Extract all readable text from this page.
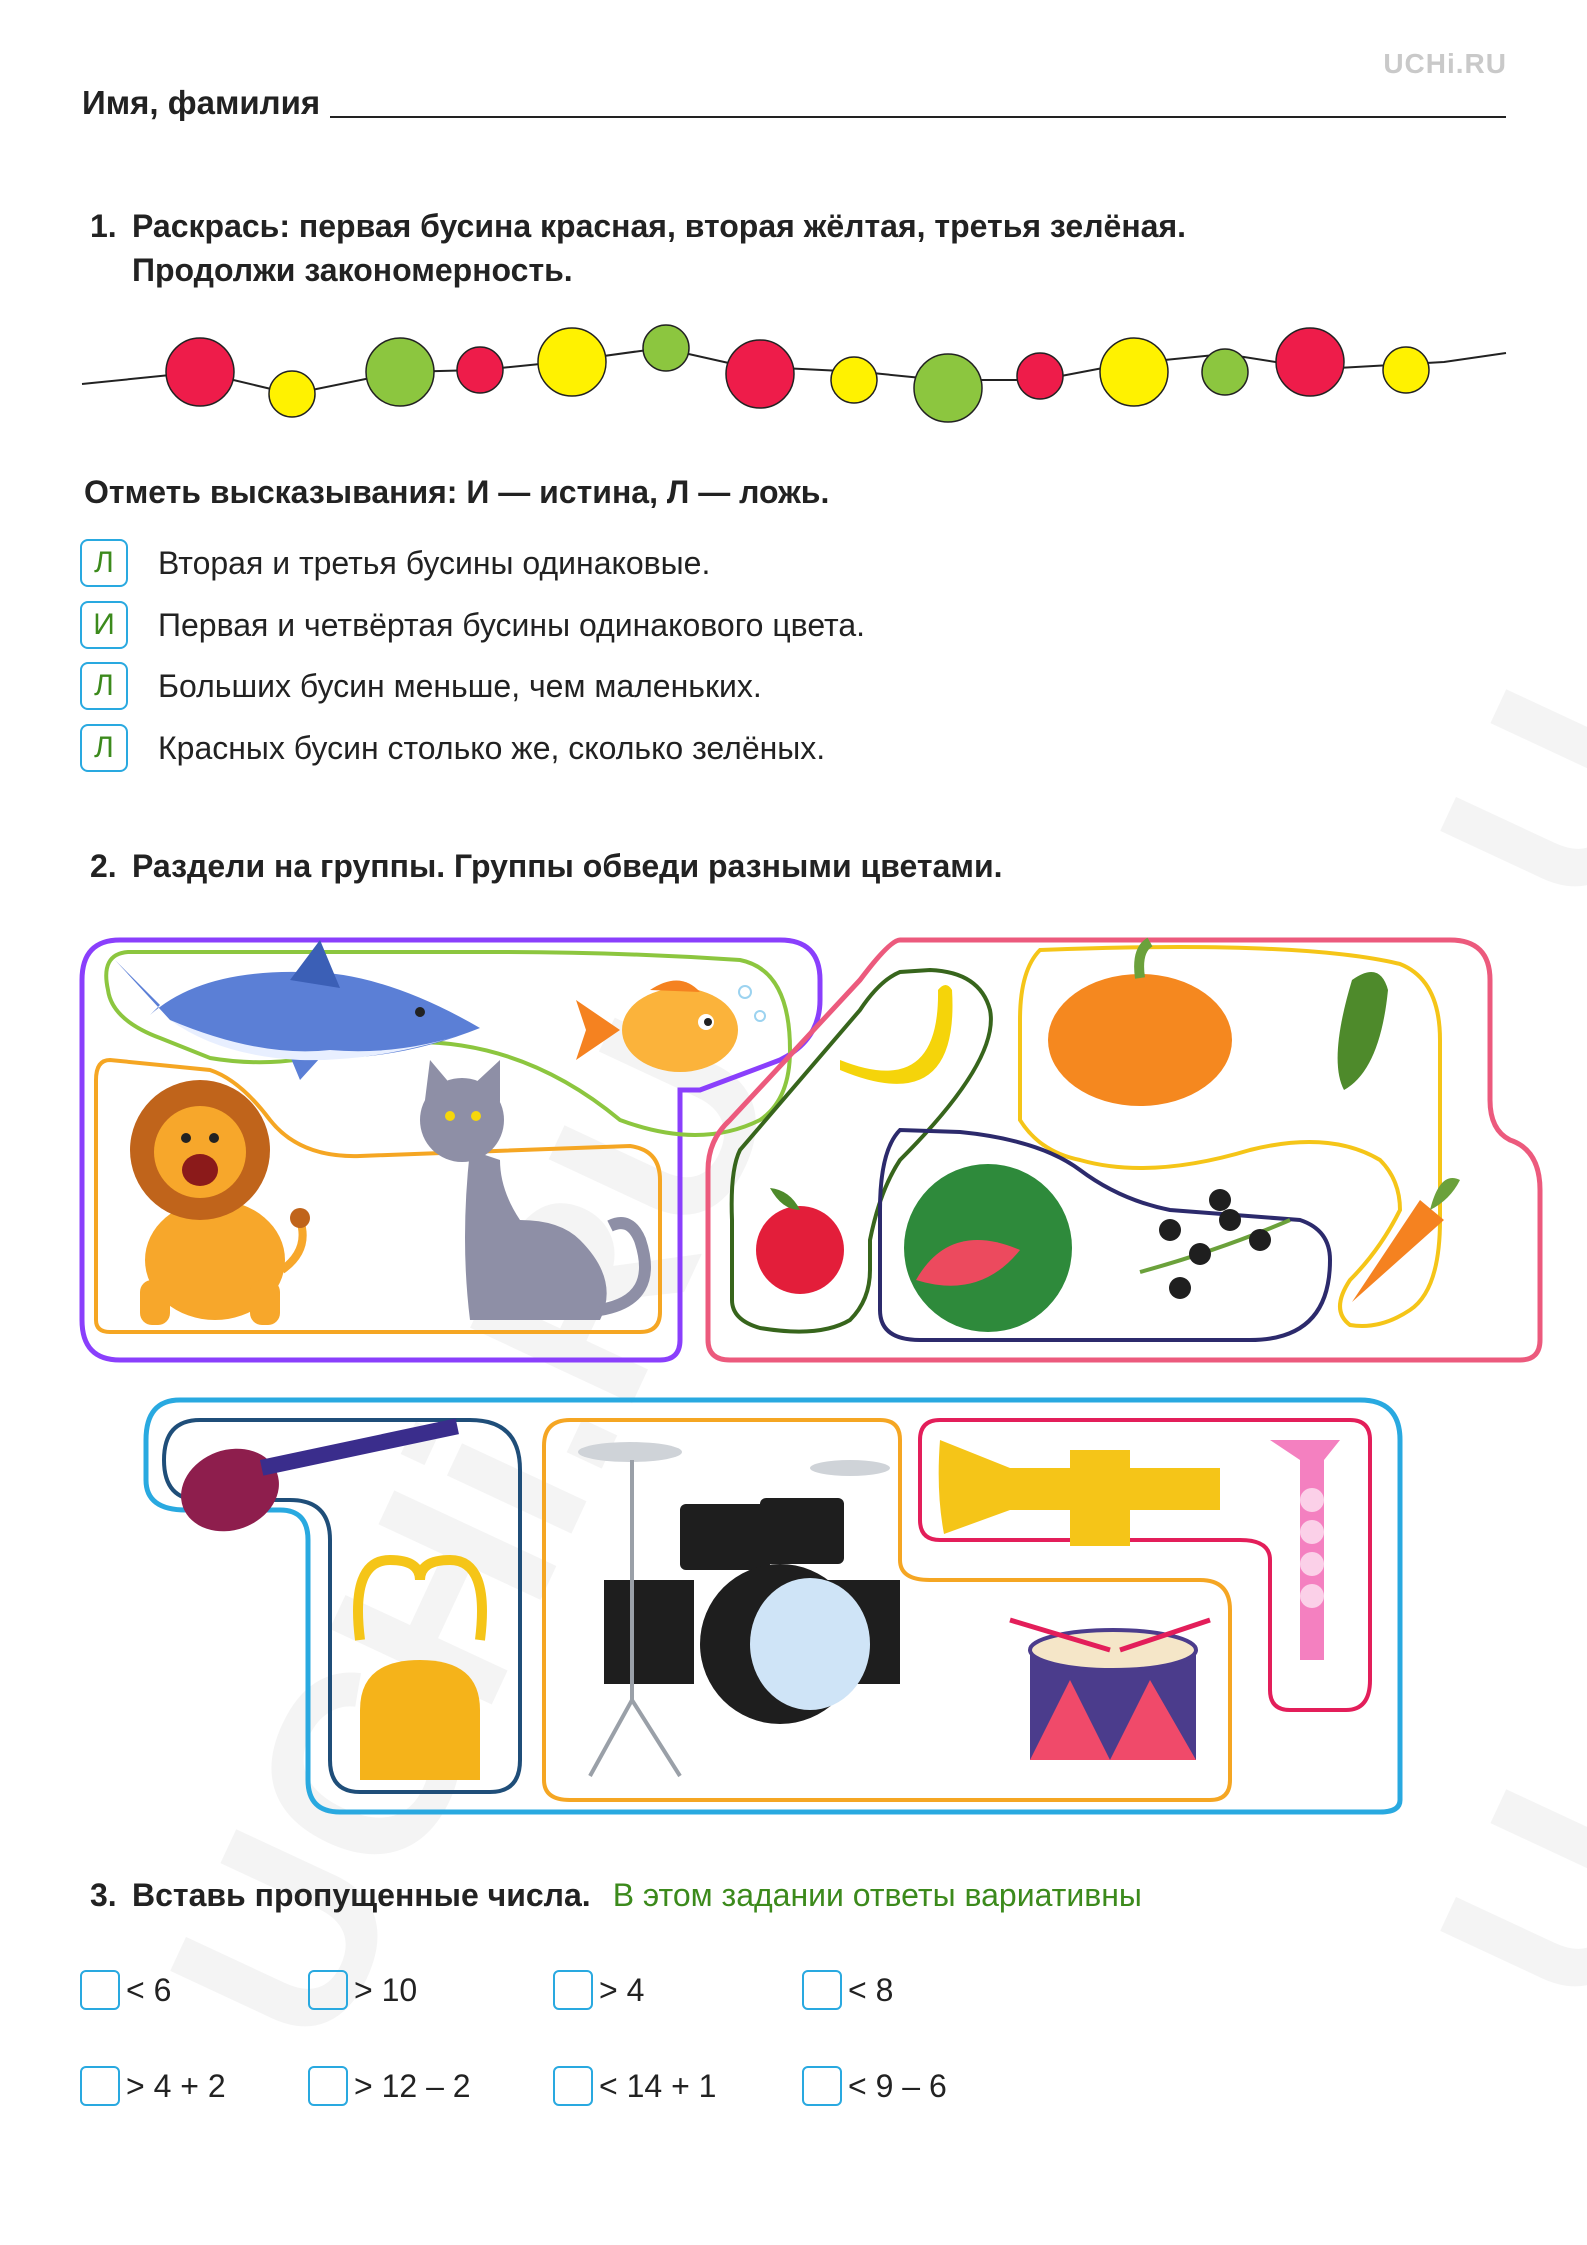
UCHi.RU
Имя, фамилия
1. Раскрась: первая бусина красная, вторая жёлтая, третья зелёная.
Продолжи закономерность.
Отметь высказывания: И — истина, Л — ложь.
Л	Вторая и третья бусины одинаковые.
И	Первая и четвёртая бусины одинакового цвета.
Л	Больших бусин меньше, чем маленьких.
Л	Красных бусин столько же, сколько зелёных.
2. Раздели на группы. Группы обведи разными цветами.
3. Вставь пропущенные числа. В этом задании ответы вариативны
< 6	> 10	> 4	< 8
> 4 + 2	> 12 – 2	< 14 + 1	< 9 – 6
